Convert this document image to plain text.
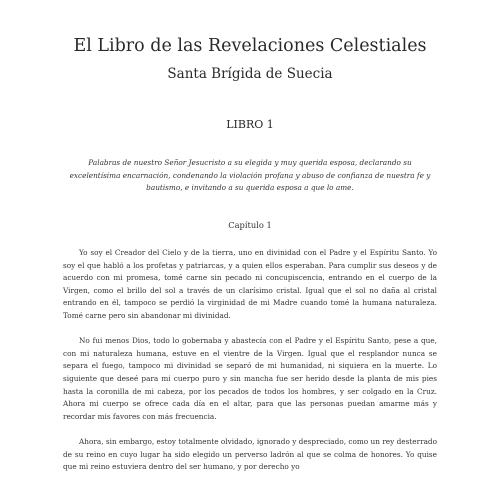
El Libro de las Revelaciones Celestiales
Santa Brígida de Suecia
LIBRO 1

Palabras de nuestro Señor Jesucristo a su elegida y muy querida esposa, declarando su excelentísima encarnación, condenando la violación profana y abuso de confianza de nuestra fe y bautismo, e invitando a su querida esposa a que lo ame.

Capítulo 1

Yo soy el Creador del Cielo y de la tierra, uno en divinidad con el Padre y el Espíritu Santo. Yo soy el que habló a los profetas y patriarcas, y a quien ellos esperaban. Para cumplir sus deseos y de acuerdo con mi promesa, tomé carne sin pecado ni concupiscencia, entrando en el cuerpo de la Virgen, como el brillo del sol a través de un clarísimo cristal. Igual que el sol no daña al cristal entrando en él, tampoco se perdió la virginidad de mi Madre cuando tomé la humana naturaleza. Tomé carne pero sin abandonar mi divinidad.

No fui menos Dios, todo lo gobernaba y abastecía con el Padre y el Espíritu Santo, pese a que, con mi naturaleza humana, estuve en el vientre de la Virgen. Igual que el resplandor nunca se separa el fuego, tampoco mi divinidad se separó de mi humanidad, ni siquiera en la muerte. Lo siguiente que deseé para mi cuerpo puro y sin mancha fue ser herido desde la planta de mis pies hasta la coronilla de mi cabeza, por los pecados de todos los hombres, y ser colgado en la Cruz. Ahora mi cuerpo se ofrece cada día en el altar, para que las personas puedan amarme más y recordar mis favores con más frecuencia.

Ahora, sin embargo, estoy totalmente olvidado, ignorado y despreciado, como un rey desterrado de su reino en cuyo lugar ha sido elegido un perverso ladrón al que se colma de honores. Yo quise que mi reino estuviera dentro del ser humano, y por derecho yo
